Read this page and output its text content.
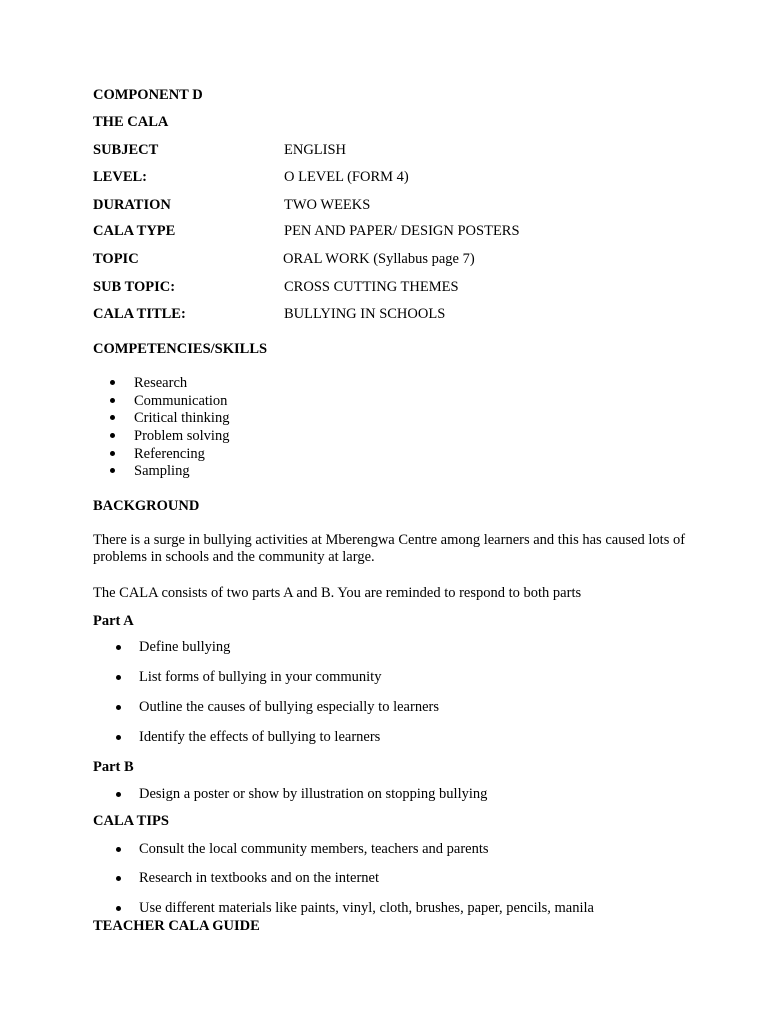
COMPONENT D
THE CALA
SUBJECT	ENGLISH
LEVEL:	O LEVEL (FORM 4)
DURATION	TWO WEEKS
CALA TYPE	PEN AND PAPER/ DESIGN POSTERS
TOPIC	ORAL WORK (Syllabus page 7)
SUB TOPIC:	CROSS CUTTING THEMES
CALA TITLE:	BULLYING IN SCHOOLS
COMPETENCIES/SKILLS
Research
Communication
Critical thinking
Problem solving
Referencing
Sampling
BACKGROUND
There is a surge in bullying activities at Mberengwa Centre among learners and this has caused lots of problems in schools and the community at large.
The CALA consists of two parts A and B. You are reminded to respond to both parts
Part A
Define bullying
List forms of bullying in your community
Outline the causes of bullying especially to learners
Identify the effects of bullying to learners
Part B
Design a poster or show by illustration on stopping bullying
CALA TIPS
Consult the local community members, teachers and parents
Research in textbooks and on the internet
Use different materials like paints, vinyl, cloth, brushes, paper, pencils, manila
TEACHER CALA GUIDE
